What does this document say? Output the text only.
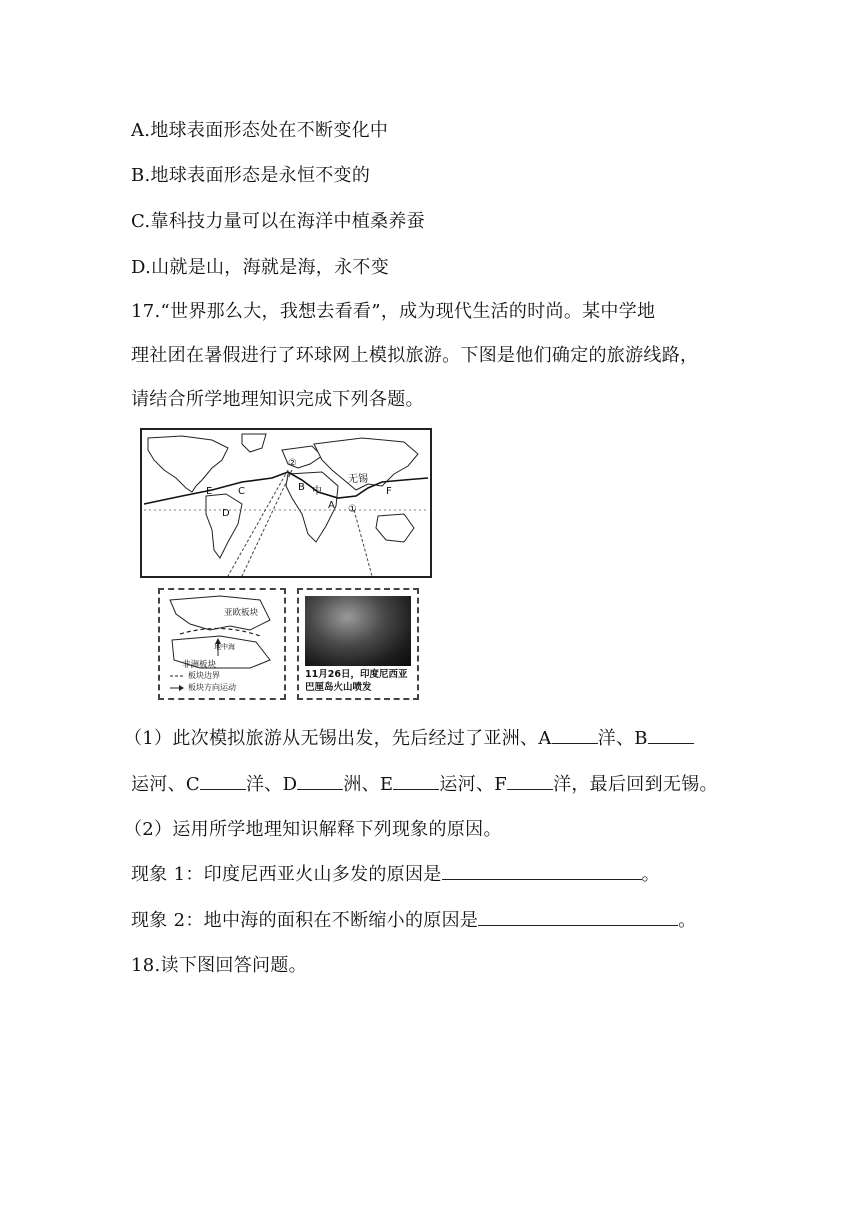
A.地球表面形态处在不断变化中
B.地球表面形态是永恒不变的
C.靠科技力量可以在海洋中植桑养蚕
D.山就是山，海就是海，永不变
17.“世界那么大，我想去看看”，成为现代生活的时尚。某中学地
理社团在暑假进行了环球网上模拟旅游。下图是他们确定的旅游线路，
请结合所学地理知识完成下列各题。
无锡
E	C
D
B 中
A
F
①
②
亚欧板块
地中海
非洲板块
板块边界
板块方向运动
11月26日，印度尼西亚巴厘岛火山喷发
（1）此次模拟旅游从无锡出发，先后经过了亚洲、A	洋、B
运河、C	洋、D	洲、E	运河、F	洋，最后回到无锡。
（2）运用所学地理知识解释下列现象的原因。
现象 1：印度尼西亚火山多发的原因是	。
现象 2：地中海的面积在不断缩小的原因是	。
18.读下图回答问题。
